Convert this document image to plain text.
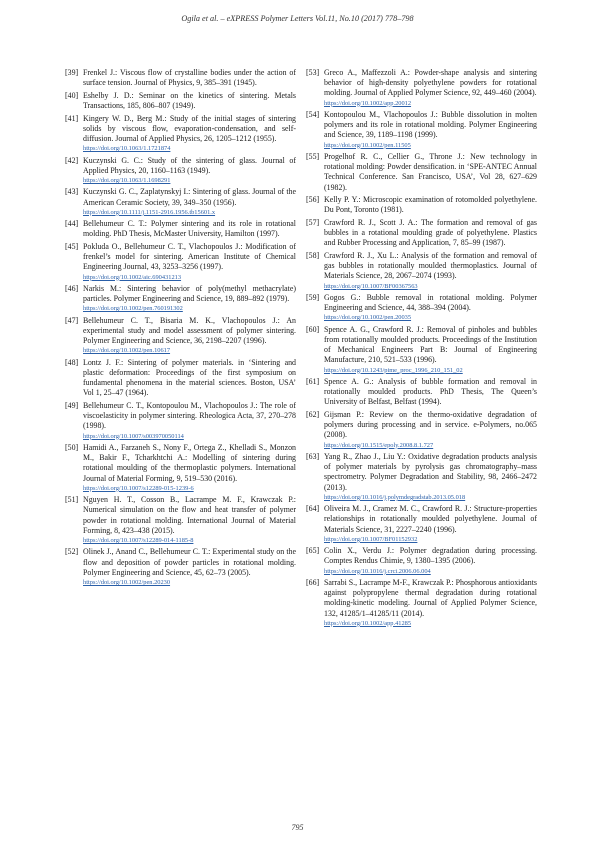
Ogila et al. – eXPRESS Polymer Letters Vol.11, No.10 (2017) 778–798
[39] Frenkel J.: Viscous flow of crystalline bodies under the action of surface tension. Journal of Physics, 9, 385–391 (1945).
[40] Eshelby J. D.: Seminar on the kinetics of sintering. Metals Transactions, 185, 806–807 (1949).
[41] Kingery W. D., Berg M.: Study of the initial stages of sintering solids by viscous flow, evaporation-condensation, and self-diffusion. Journal of Applied Physics, 26, 1205–1212 (1955).
https://doi.org/10.1063/1.1721874
[42] Kuczynski G. C.: Study of the sintering of glass. Journal of Applied Physics, 20, 1160–1163 (1949).
https://doi.org/10.1063/1.1698291
[43] Kuczynski G. C., Zaplatynskyj I.: Sintering of glass. Journal of the American Ceramic Society, 39, 349–350 (1956).
https://doi.org/10.1111/j.1151-2916.1956.tb15601.x
[44] Bellehumeur C. T.: Polymer sintering and its role in rotational molding. PhD Thesis, McMaster University, Hamilton (1997).
[45] Pokluda O., Bellehumeur C. T., Vlachopoulos J.: Modification of frenkel’s model for sintering. American Institute of Chemical Engineering Journal, 43, 3253–3256 (1997).
https://doi.org/10.1002/aic.690431213
[46] Narkis M.: Sintering behavior of poly(methyl methacrylate) particles. Polymer Engineering and Science, 19, 889–892 (1979).
https://doi.org/10.1002/pen.760191302
[47] Bellehumeur C. T., Bisaria M. K., Vlachopoulos J.: An experimental study and model assessment of polymer sintering. Polymer Engineering and Science, 36, 2198–2207 (1996).
https://doi.org/10.1002/pen.10617
[48] Lontz J. F.: Sintering of polymer materials. in ‘Sintering and plastic deformation: Proceedings of the first symposium on fundamental phenomena in the material sciences. Boston, USA’ Vol 1, 25–47 (1964).
[49] Bellehumeur C. T., Kontopoulou M., Vlachopoulos J.: The role of viscoelasticity in polymer sintering. Rheologica Acta, 37, 270–278 (1998).
https://doi.org/10.1007/s003970050114
[50] Hamidi A., Farzaneh S., Nony F., Ortega Z., Khelladi S., Monzon M., Bakir F., Tcharkhtchi A.: Modelling of sintering during rotational moulding of the thermoplastic polymers. International Journal of Material Forming, 9, 519–530 (2016).
https://doi.org/10.1007/s12289-015-1239-6
[51] Nguyen H. T., Cosson B., Lacrampe M. F., Krawczak P.: Numerical simulation on the flow and heat transfer of polymer powder in rotational molding. International Journal of Material Forming, 8, 423–438 (2015).
https://doi.org/10.1007/s12289-014-1185-8
[52] Olinek J., Anand C., Bellehumeur C. T.: Experimental study on the flow and deposition of powder particles in rotational molding. Polymer Engineering and Science, 45, 62–73 (2005).
https://doi.org/10.1002/pen.20230
[53] Greco A., Maffezzoli A.: Powder-shape analysis and sintering behavior of high-density polyethylene powders for rotational molding. Journal of Applied Polymer Science, 92, 449–460 (2004).
https://doi.org/10.1002/app.20012
[54] Kontopoulou M., Vlachopoulos J.: Bubble dissolution in molten polymers and its role in rotational molding. Polymer Engineering and Science, 39, 1189–1198 (1999).
https://doi.org/10.1002/pen.11505
[55] Progelhof R. C., Cellier G., Throne J.: New technology in rotational molding: Powder densification. in ‘SPE-ANTEC Annual Technical Conference. San Francisco, USA’, Vol 28, 627–629 (1982).
[56] Kelly P. Y.: Microscopic examination of rotomolded polyethylene. Du Pont, Toronto (1981).
[57] Crawford R. J., Scott J. A.: The formation and removal of gas bubbles in a rotational moulding grade of polyethylene. Plastics and Rubber Processing and Application, 7, 85–99 (1987).
[58] Crawford R. J., Xu L.: Analysis of the formation and removal of gas bubbles in rotationally moulded thermoplastics. Journal of Materials Science, 28, 2067–2074 (1993).
https://doi.org/10.1007/BF00367563
[59] Gogos G.: Bubble removal in rotational molding. Polymer Engineering and Science, 44, 388–394 (2004).
https://doi.org/10.1002/pen.20035
[60] Spence A. G., Crawford R. J.: Removal of pinholes and bubbles from rotationally moulded products. Proceedings of the Institution of Mechanical Engineers Part B: Journal of Engineering Manufacture, 210, 521–533 (1996).
https://doi.org/10.1243/pime_proc_1996_210_151_02
[61] Spence A. G.: Analysis of bubble formation and removal in rotationally moulded products. PhD Thesis, The Queen’s University of Belfast, Belfast (1994).
[62] Gijsman P.: Review on the thermo-oxidative degradation of polymers during processing and in service. e-Polymers, no.065 (2008).
https://doi.org/10.1515/epoly.2008.8.1.727
[63] Yang R., Zhao J., Liu Y.: Oxidative degradation products analysis of polymer materials by pyrolysis gas chromatography–mass spectrometry. Polymer Degradation and Stability, 98, 2466–2472 (2013).
https://doi.org/10.1016/j.polymdegradstab.2013.05.018
[64] Oliveira M. J., Cramez M. C., Crawford R. J.: Structure-properties relationships in rotationally moulded polyethylene. Journal of Materials Science, 31, 2227–2240 (1996).
https://doi.org/10.1007/BF01152932
[65] Colin X., Verdu J.: Polymer degradation during processing. Comptes Rendus Chimie, 9, 1380–1395 (2006).
https://doi.org/10.1016/j.crci.2006.06.004
[66] Sarrabi S., Lacrampe M-F., Krawczak P.: Phosphorous antioxidants against polypropylene thermal degradation during rotational molding-kinetic modeling. Journal of Applied Polymer Science, 132, 41285/1–41285/11 (2014).
https://doi.org/10.1002/app.41285
795
